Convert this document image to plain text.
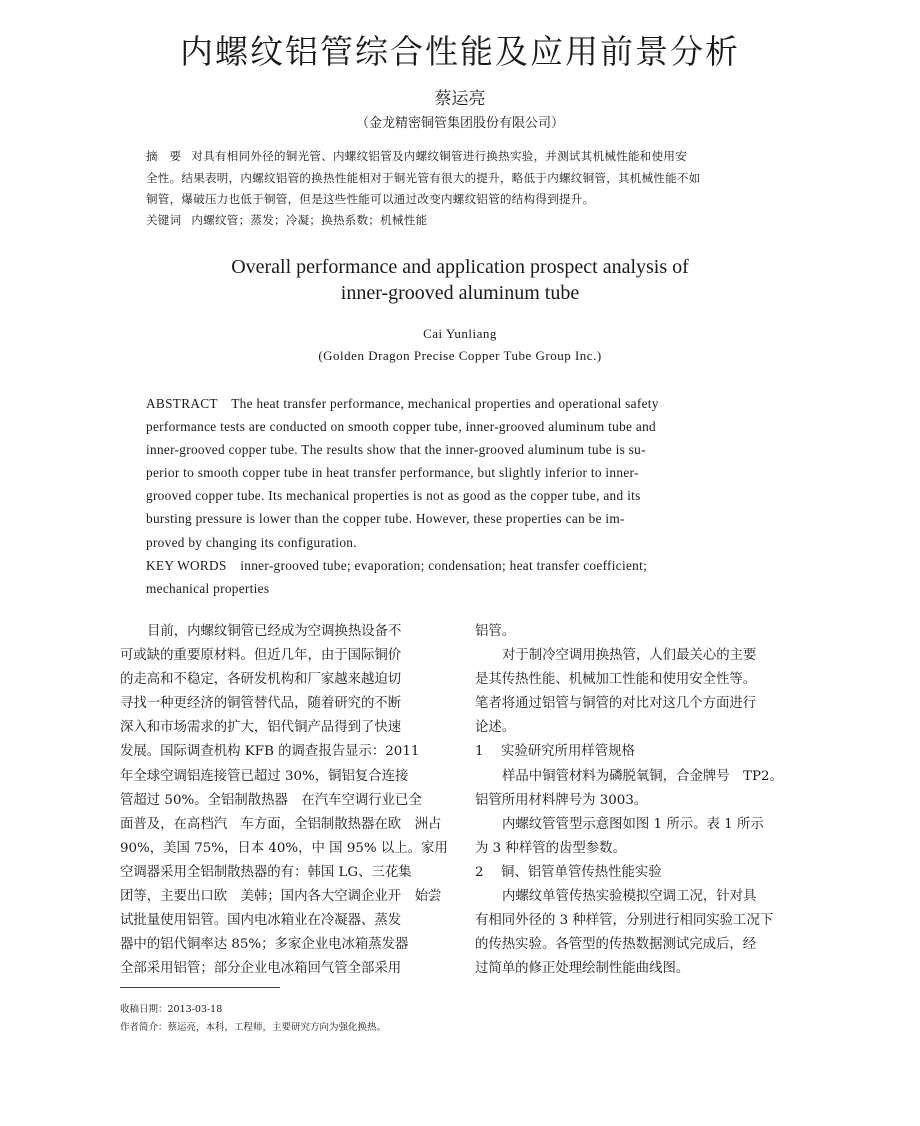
内螺纹铝管综合性能及应用前景分析
蔡运亮
（金龙精密铜管集团股份有限公司）
摘　要 对具有相同外径的铜光管、内螺纹铝管及内螺纹铜管进行换热实验，并测试其机械性能和使用安
全性。结果表明，内螺纹铝管的换热性能相对于铜光管有很大的提升，略低于内螺纹铜管，其机械性能不如
铜管，爆破压力也低于铜管，但是这些性能可以通过改变内螺纹铝管的结构得到提升。
关键词 内螺纹管；蒸发；冷凝；换热系数；机械性能
Overall performance and application prospect analysis of
inner-grooved aluminum tube
Cai Yunliang
(Golden Dragon Precise Copper Tube Group Inc.)
ABSTRACT The heat transfer performance, mechanical properties and operational safety
performance tests are conducted on smooth copper tube, inner-grooved aluminum tube and
inner-grooved copper tube. The results show that the inner-grooved aluminum tube is su-
perior to smooth copper tube in heat transfer performance, but slightly inferior to inner-
grooved copper tube. Its mechanical properties is not as good as the copper tube, and its
bursting pressure is lower than the copper tube. However, these properties can be im-
proved by changing its configuration.
KEY WORDS inner-grooved tube; evaporation; condensation; heat transfer coefficient;
mechanical properties
目前，内螺纹铜管已经成为空调换热设备不
可或缺的重要原材料。但近几年，由于国际铜价
的走高和不稳定，各研发机构和厂家越来越迫切
寻找一种更经济的铜管替代品，随着研究的不断
深入和市场需求的扩大，铝代铜产品得到了快速
发展。国际调查机构 KFB 的调查报告显示：2011
年全球空调铝连接管已超过 30%，铜铝复合连接
管超过 50%。全铝制散热器　在汽车空调行业已全
面普及，在高档汽　车方面，全铝制散热器在欧　洲占
90%，美国 75%，日本 40%，中 国 95% 以上。家用
空调器采用全铝制散热器的有：韩国 LG、三花集
团等，主要出口欧　美韩；国内各大空调企业开　始尝
试批量使用铝管。国内电冰箱业在冷凝器、蒸发
器中的铝代铜率达 85%；多家企业电冰箱蒸发器
全部采用铝管；部分企业电冰箱回气管全部采用
铝管。
对于制冷空调用换热管，人们最关心的主要
是其传热性能、机械加工性能和使用安全性等。
笔者将通过铝管与铜管的对比对这几个方面进行
论述。
1 实验研究所用样管规格
样品中铜管材料为磷脱氧铜，合金牌号　TP2。
铝管所用材料牌号为 3003。
内螺纹管管型示意图如图 1 所示。表 1 所示
为 3 种样管的齿型参数。
2 铜、铝管单管传热性能实验
内螺纹单管传热实验模拟空调工况，针对具
有相同外径的 3 种样管，分别进行相同实验工况下
的传热实验。各管型的传热数据测试完成后，经
过简单的修正处理绘制性能曲线图。
收稿日期：2013-03-18
作者简介：蔡运亮，本科，工程师，主要研究方向为强化换热。
